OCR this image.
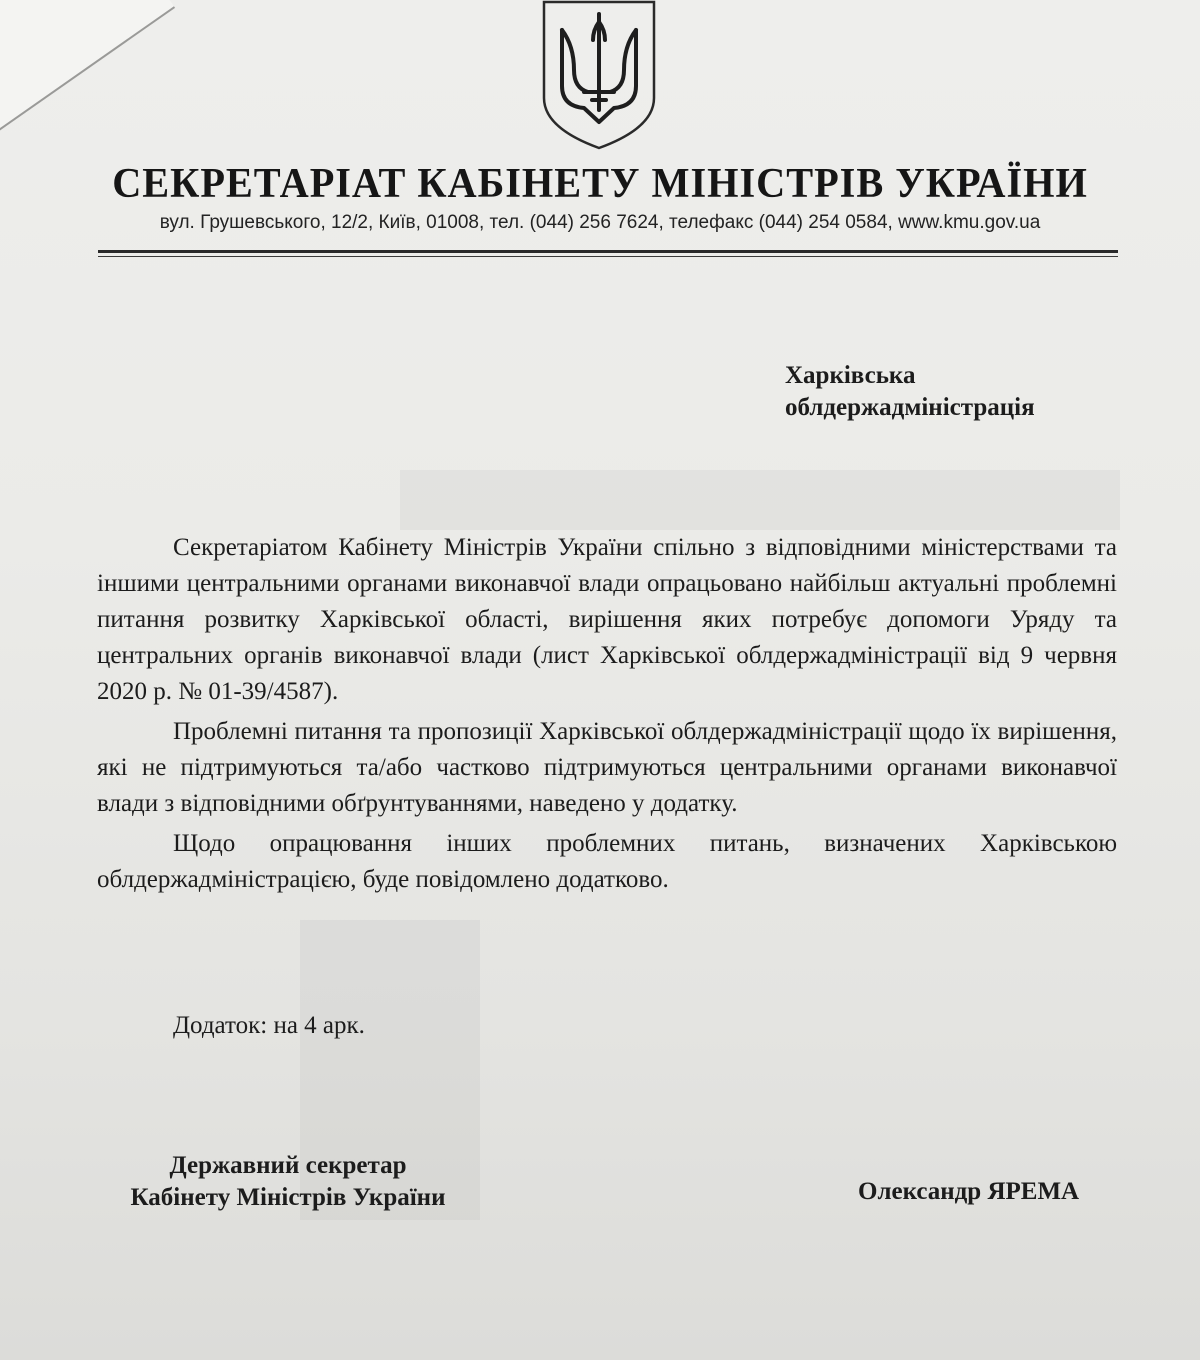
СЕКРЕТАРІАТ КАБІНЕТУ МІНІСТРІВ УКРАЇНИ
вул. Грушевського, 12/2, Київ, 01008, тел. (044) 256 7624, телефакс (044) 254 0584, www.kmu.gov.ua
Харківська
облдержадміністрація

Секретаріатом Кабінету Міністрів України спільно з відповідними міністерствами та іншими центральними органами виконавчої влади опрацьовано найбільш актуальні проблемні питання розвитку Харківської області, вирішення яких потребує допомоги Уряду та центральних органів виконавчої влади (лист Харківської облдержадміністрації від 9 червня 2020 р. № 01-39/4587).

Проблемні питання та пропозиції Харківської облдержадміністрації щодо їх вирішення, які не підтримуються та/або частково підтримуються центральними органами виконавчої влади з відповідними обґрунтуваннями, наведено у додатку.

Щодо опрацювання інших проблемних питань, визначених Харківською облдержадміністрацією, буде повідомлено додатково.

Додаток: на 4 арк.
Державний секретар
Кабінету Міністрів України	Олександр ЯРЕМА
